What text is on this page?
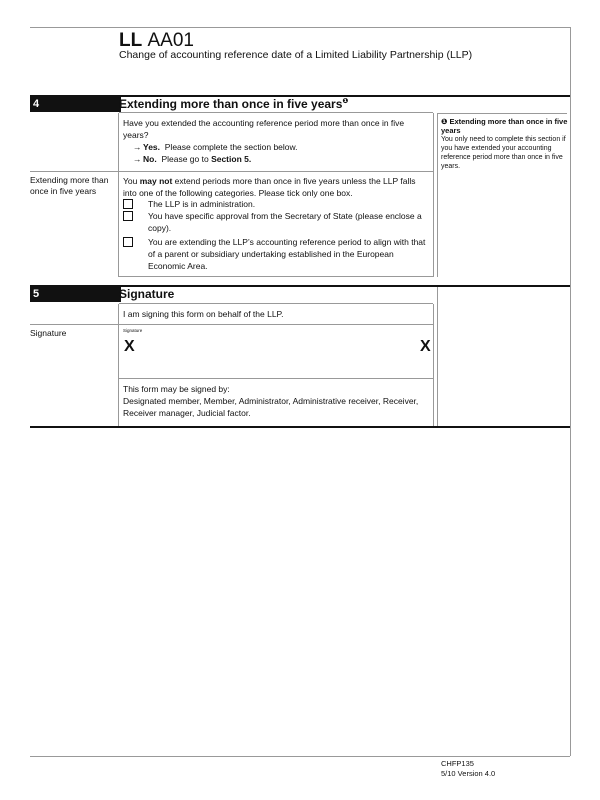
LL AA01
Change of accounting reference date of a Limited Liability Partnership (LLP)
4	Extending more than once in five years$^❶$
Have you extended the accounting reference period more than once in five years?
→ Yes. Please complete the section below.
→ No. Please go to Section 5.
Extending more than once in five years
You may not extend periods more than once in five years unless the LLP falls into one of the following categories. Please tick only one box.
The LLP is in administration.
You have specific approval from the Secretary of State (please enclose a copy).
You are extending the LLP’s accounting reference period to align with that of a parent or subsidiary undertaking established in the European Economic Area.
❶ Extending more than once in five years
You only need to complete this section if you have extended your accounting reference period more than once in five years.
5	Signature
I am signing this form on behalf of the LLP.
Signature	Signature
X	X
This form may be signed by:
Designated member, Member, Administrator, Administrative receiver, Receiver, Receiver manager, Judicial factor.
CHFP135
5/10 Version 4.0
